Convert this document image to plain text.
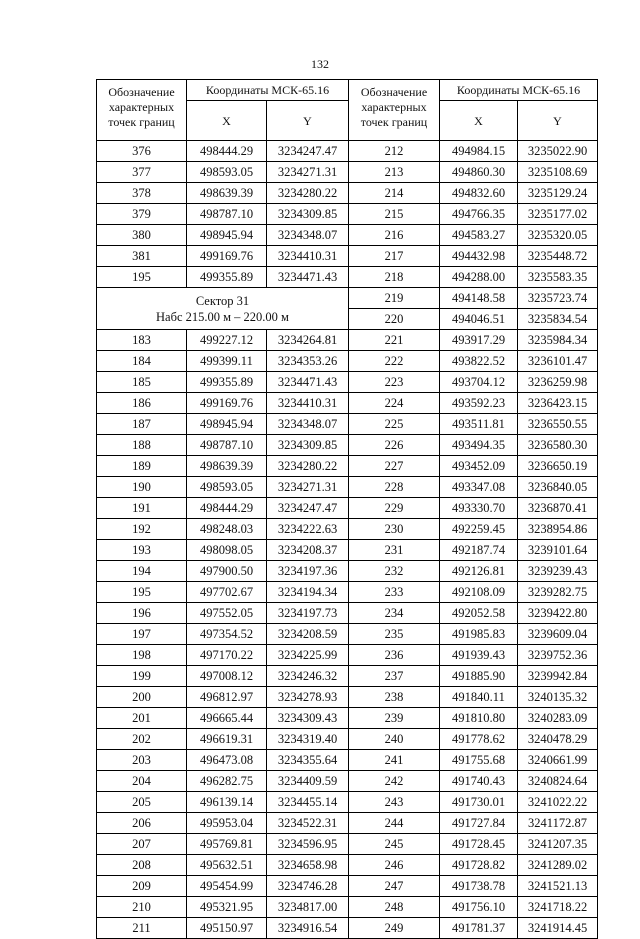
132
Обозначение характерных точек границ	Координаты МСК-65.16	
	X	Y
376	498444.29	3234247.47
377	498593.05	3234271.31
378	498639.39	3234280.22
379	498787.10	3234309.85
380	498945.94	3234348.07
381	499169.76	3234410.31
195	499355.89	3234471.43

Сектор 31
Набс 215.00 м – 220.00 м		

183	499227.12	3234264.81
184	499399.11	3234353.26
185	499355.89	3234471.43
186	499169.76	3234410.31
187	498945.94	3234348.07
188	498787.10	3234309.85
189	498639.39	3234280.22
190	498593.05	3234271.31
191	498444.29	3234247.47
192	498248.03	3234222.63
193	498098.05	3234208.37
194	497900.50	3234197.36
195	497702.67	3234194.34
196	497552.05	3234197.73
197	497354.52	3234208.59
198	497170.22	3234225.99
199	497008.12	3234246.32
200	496812.97	3234278.93
201	496665.44	3234309.43
202	496619.31	3234319.40
203	496473.08	3234355.64
204	496282.75	3234409.59
205	496139.14	3234455.14
206	495953.04	3234522.31
207	495769.81	3234596.95
208	495632.51	3234658.98
209	495454.99	3234746.28
210	495321.95	3234817.00
211	495150.97	3234916.54
Обозначение характерных точек границ	Координаты МСК-65.16	
	X	Y
212	494984.15	3235022.90
213	494860.30	3235108.69
214	494832.60	3235129.24
215	494766.35	3235177.02
216	494583.27	3235320.05
217	494432.98	3235448.72
218	494288.00	3235583.35
219	494148.58	3235723.74
220	494046.51	3235834.54
221	493917.29	3235984.34
222	493822.52	3236101.47
223	493704.12	3236259.98
224	493592.23	3236423.15
225	493511.81	3236550.55
226	493494.35	3236580.30
227	493452.09	3236650.19
228	493347.08	3236840.05
229	493330.70	3236870.41
230	492259.45	3238954.86
231	492187.74	3239101.64
232	492126.81	3239239.43
233	492108.09	3239282.75
234	492052.58	3239422.80
235	491985.83	3239609.04
236	491939.43	3239752.36
237	491885.90	3239942.84
238	491840.11	3240135.32
239	491810.80	3240283.09
240	491778.62	3240478.29
241	491755.68	3240661.99
242	491740.43	3240824.64
243	491730.01	3241022.22
244	491727.84	3241172.87
245	491728.45	3241207.35
246	491728.82	3241289.02
247	491738.78	3241521.13
248	491756.10	3241718.22
249	491781.37	3241914.45
